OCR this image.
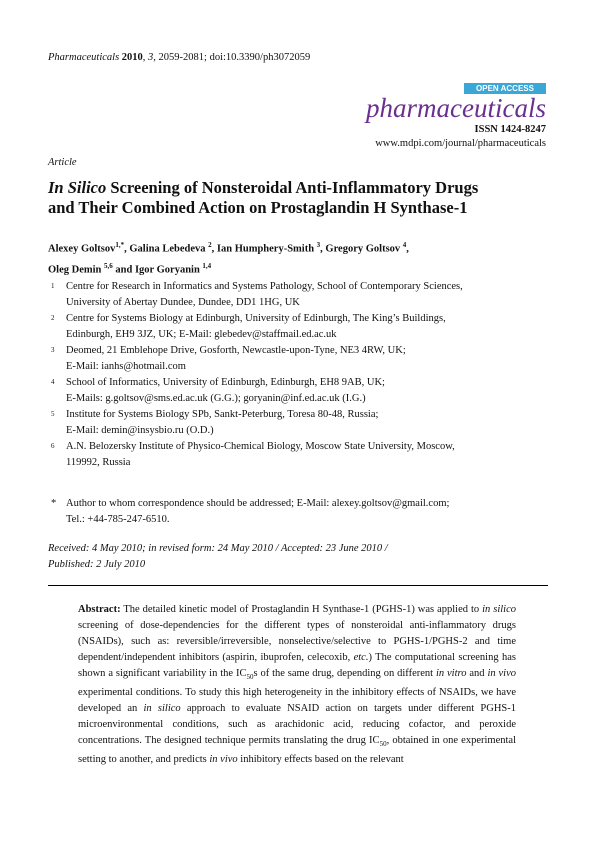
Pharmaceuticals 2010, 3, 2059-2081; doi:10.3390/ph3072059
OPEN ACCESS
pharmaceuticals
ISSN 1424-8247
www.mdpi.com/journal/pharmaceuticals
Article
In Silico Screening of Nonsteroidal Anti-Inflammatory Drugs
and Their Combined Action on Prostaglandin H Synthase-1
Alexey Goltsov$^{1,*}$, Galina Lebedeva $^2$, Ian Humphery-Smith $^3$, Gregory Goltsov $^4$,
Oleg Demin $^{5,6}$ and Igor Goryanin $^{1,4}$
1 Centre for Research in Informatics and Systems Pathology, School of Contemporary Sciences,
University of Abertay Dundee, Dundee, DD1 1HG, UK
2 Centre for Systems Biology at Edinburgh, University of Edinburgh, The King’s Buildings,
Edinburgh, EH9 3JZ, UK; E-Mail: glebedev@staffmail.ed.ac.uk
3 Deomed, 21 Emblehope Drive, Gosforth, Newcastle-upon-Tyne, NE3 4RW, UK;
E-Mail: ianhs@hotmail.com
4 School of Informatics, University of Edinburgh, Edinburgh, EH8 9AB, UK;
E-Mails: g.goltsov@sms.ed.ac.uk (G.G.); goryanin@inf.ed.ac.uk (I.G.)
5 Institute for Systems Biology SPb, Sankt-Peterburg, Toresa 80-48, Russia;
E-Mail: demin@insysbio.ru (O.D.)
6 A.N. Belozersky Institute of Physico-Chemical Biology, Moscow State University, Moscow,
119992, Russia
* Author to whom correspondence should be addressed; E-Mail: alexey.goltsov@gmail.com;
Tel.: +44-785-247-6510.
Received: 4 May 2010; in revised form: 24 May 2010 / Accepted: 23 June 2010 /
Published: 2 July 2010

Abstract: The detailed kinetic model of Prostaglandin H Synthase-1 (PGHS-1) was applied to in silico screening of dose-dependencies for the different types of nonsteroidal anti-inflammatory drugs (NSAIDs), such as: reversible/irreversible, nonselective/selective to PGHS-1/PGHS-2 and time dependent/independent inhibitors (aspirin, ibuprofen, celecoxib, etc.) The computational screening has shown a significant variability in the $IC_{50}s$ of the same drug, depending on different in vitro and in vivo experimental conditions. To study this high heterogeneity in the inhibitory effects of NSAIDs, we have developed an in silico approach to evaluate NSAID action on targets under different PGHS-1 microenvironmental conditions, such as arachidonic acid, reducing cofactor, and peroxide concentrations. The designed technique permits translating the drug $IC_{50}$, obtained in one experimental setting to another, and predicts in vivo inhibitory effects based on the relevant
